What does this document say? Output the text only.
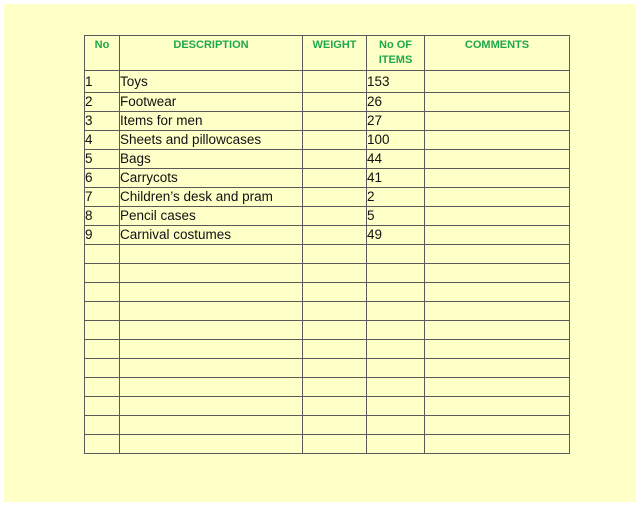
No	DESCRIPTION	WEIGHT	No OF ITEMS	COMMENTS
1	Toys		153	
2	Footwear		26	
3	Items for men		27	
4	Sheets and pillowcases		100	
5	Bags		44	
6	Carrycots		41	
7	Children’s desk and pram		2	
8	Pencil cases		5	
9	Carnival costumes		49	
